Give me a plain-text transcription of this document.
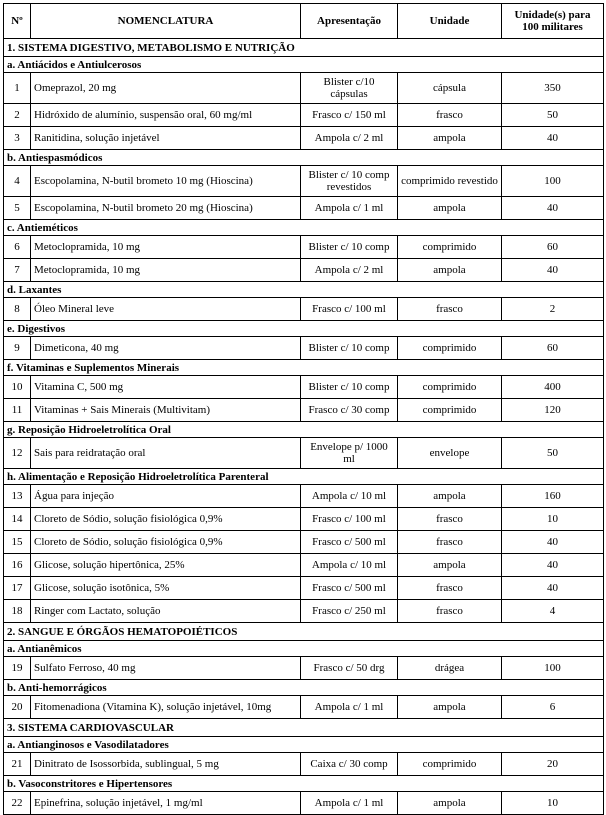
Nº	NOMENCLATURA	Apresentação	Unidade	Unidade(s) para 100 militares
1. SISTEMA DIGESTIVO, METABOLISMO E NUTRIÇÃO				
a. Antiácidos e Antiulcerosos				
1	Omeprazol, 20 mg	Blister c/10 cápsulas	cápsula	350
2	Hidróxido de alumínio, suspensão oral, 60 mg/ml	Frasco c/ 150 ml	frasco	50
3	Ranitidina, solução injetável	Ampola c/ 2 ml	ampola	40
b. Antiespasmódicos				
4	Escopolamina, N-butil brometo 10 mg (Hioscina)	Blister c/ 10 comp revestidos	comprimido revestido	100
5	Escopolamina, N-butil brometo 20 mg (Hioscina)	Ampola c/ 1 ml	ampola	40
c. Antieméticos				
6	Metoclopramida, 10 mg	Blister c/ 10 comp	comprimido	60
7	Metoclopramida, 10 mg	Ampola c/ 2 ml	ampola	40
d. Laxantes				
8	Óleo Mineral leve	Frasco c/ 100 ml	frasco	2
e. Digestivos				
9	Dimeticona, 40 mg	Blister c/ 10 comp	comprimido	60
f. Vitaminas e Suplementos Minerais				
10	Vitamina C, 500 mg	Blister c/ 10 comp	comprimido	400
11	Vitaminas + Sais Minerais (Multivitam)	Frasco c/ 30 comp	comprimido	120
g. Reposição Hidroeletrolítica Oral				
12	Sais para reidratação oral	Envelope p/ 1000 ml	envelope	50
h. Alimentação e Reposição Hidroeletrolítica Parenteral				
13	Água para injeção	Ampola c/ 10 ml	ampola	160
14	Cloreto de Sódio, solução fisiológica 0,9%	Frasco c/ 100 ml	frasco	10
15	Cloreto de Sódio, solução fisiológica 0,9%	Frasco c/ 500 ml	frasco	40
16	Glicose, solução hipertônica, 25%	Ampola c/ 10 ml	ampola	40
17	Glicose, solução isotônica, 5%	Frasco c/ 500 ml	frasco	40
18	Ringer com Lactato, solução	Frasco c/ 250 ml	frasco	4
2. SANGUE E ÓRGÃOS HEMATOPOIÉTICOS				
a. Antianêmicos				
19	Sulfato Ferroso, 40 mg	Frasco c/ 50 drg	drágea	100
b. Anti-hemorrágicos				
20	Fitomenadiona (Vitamina K), solução injetável, 10mg	Ampola c/ 1 ml	ampola	6
3. SISTEMA CARDIOVASCULAR				
a. Antianginosos e Vasodilatadores				
21	Dinitrato de Isossorbida, sublingual, 5 mg	Caixa c/ 30 comp	comprimido	20
b. Vasoconstritores e Hipertensores				
22	Epinefrina, solução injetável, 1 mg/ml	Ampola c/ 1 ml	ampola	10
